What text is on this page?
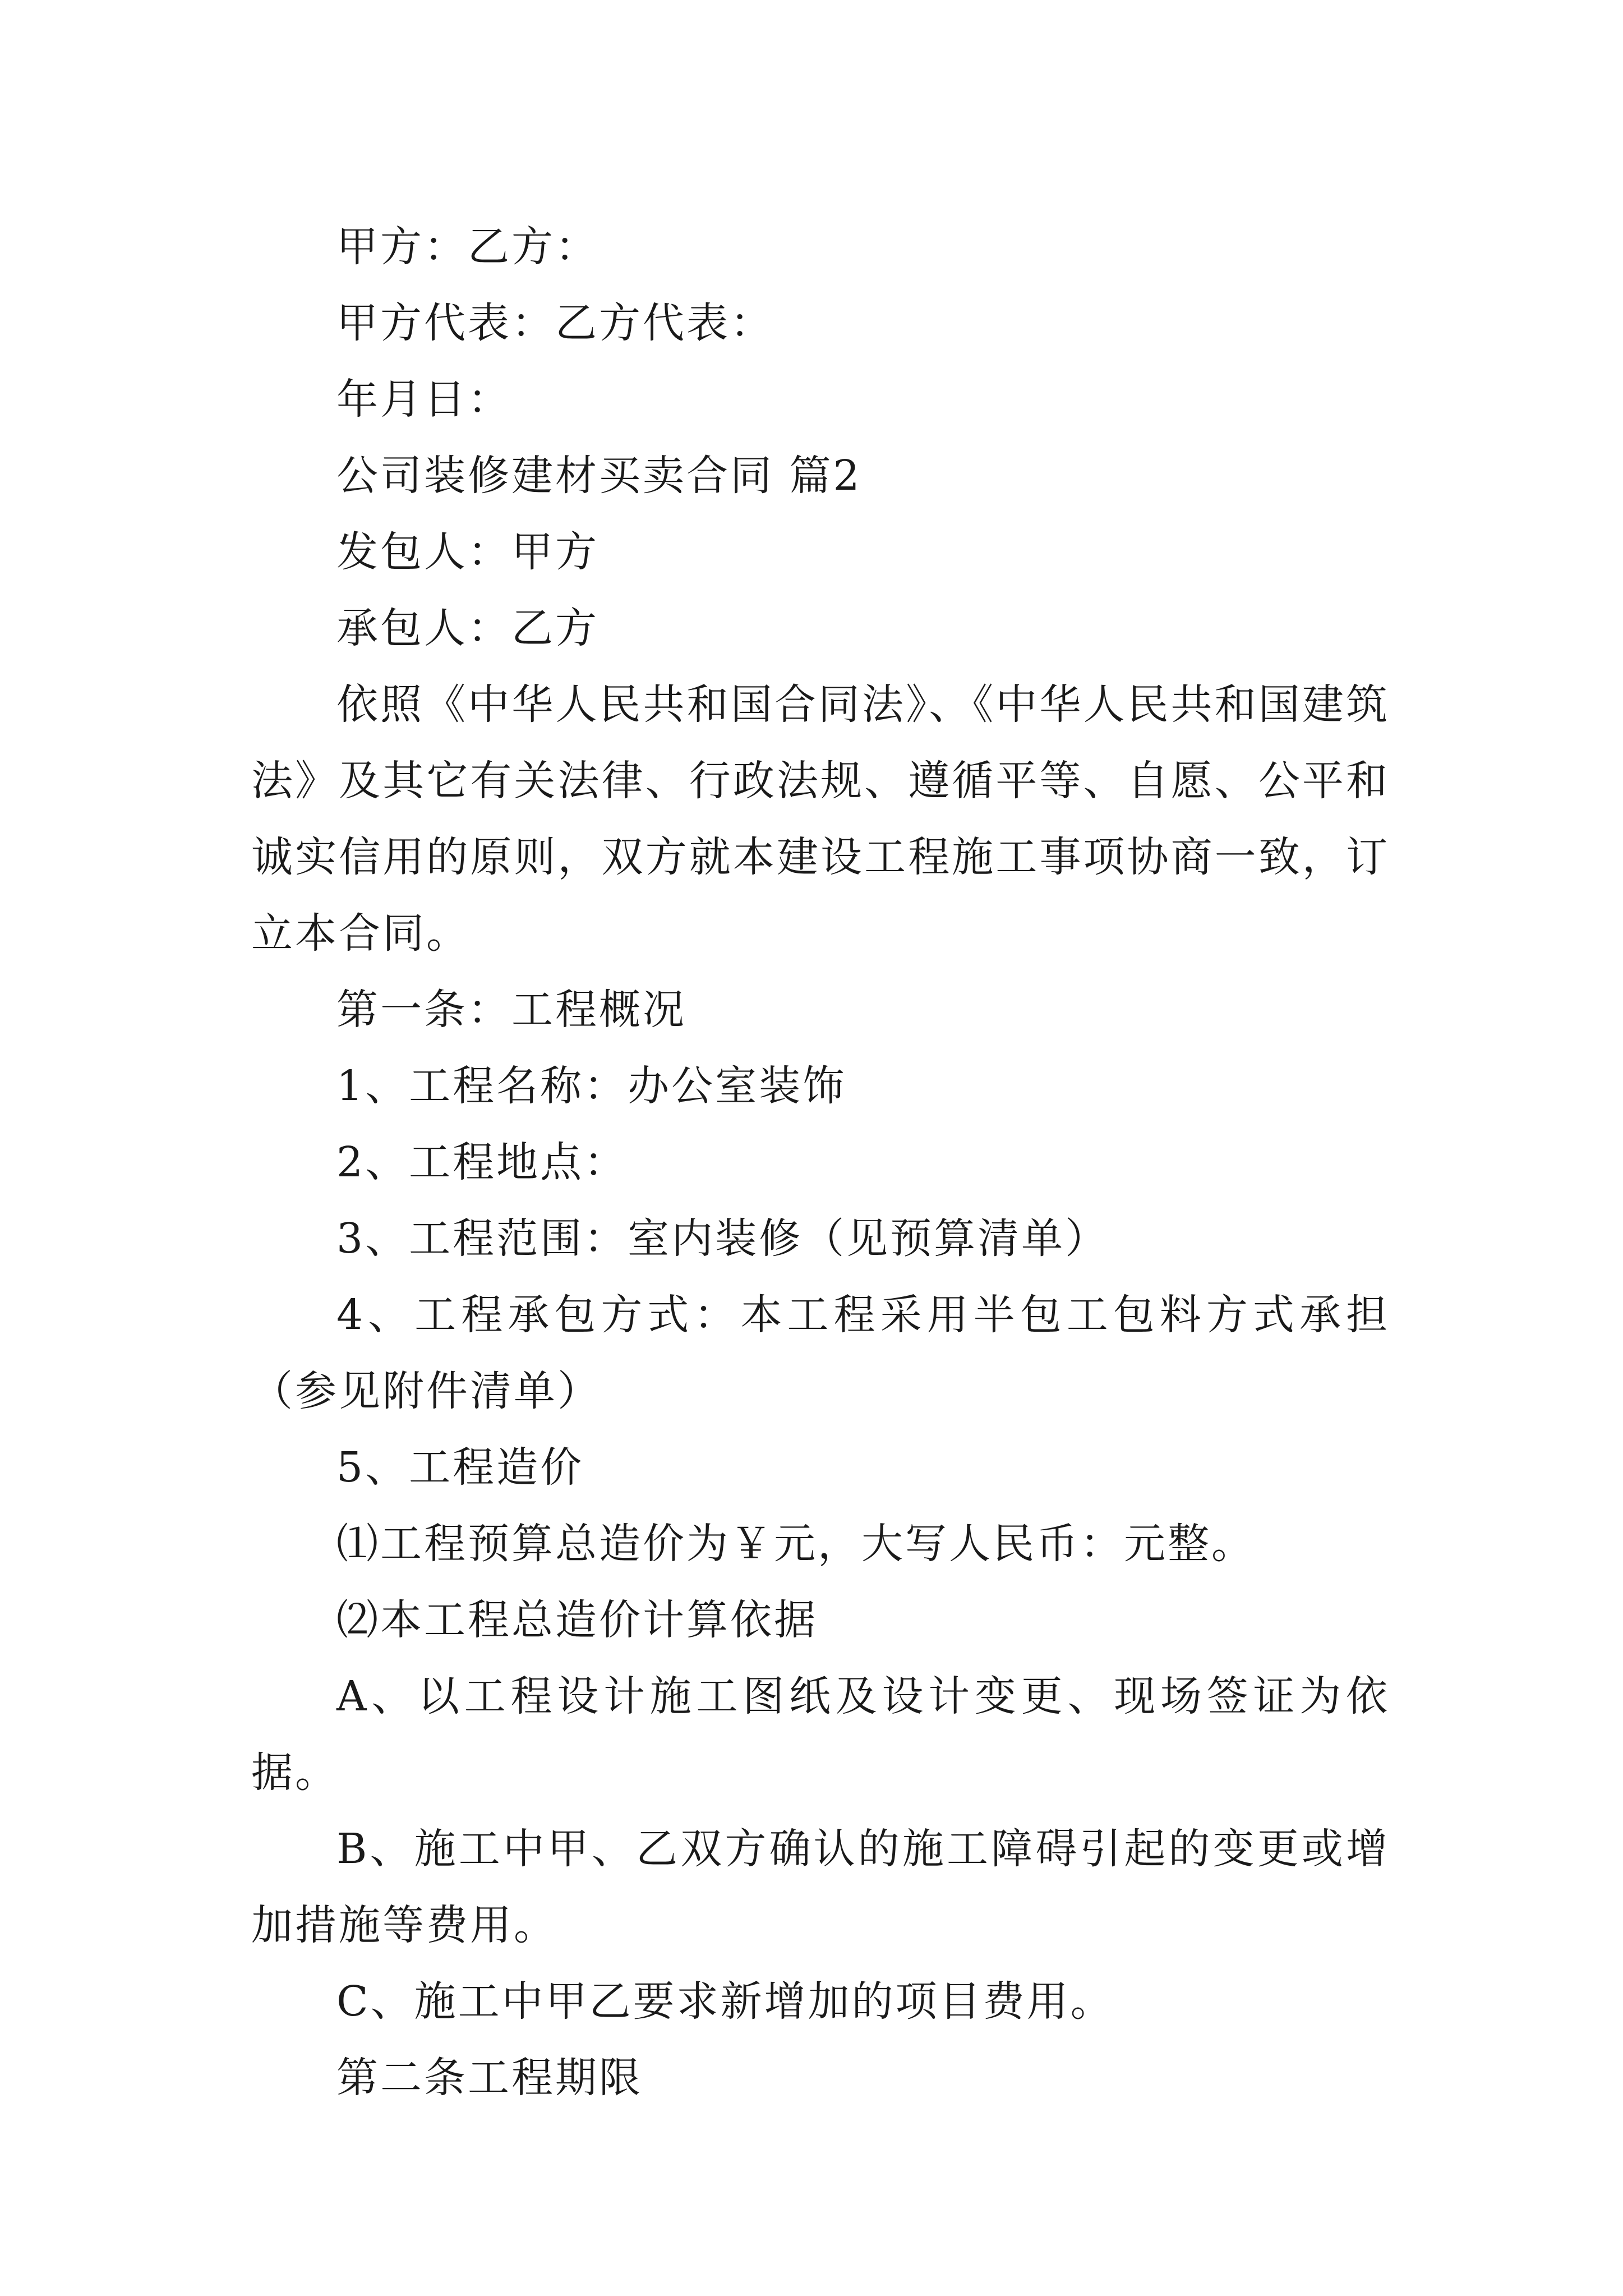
甲方：乙方：

甲方代表：乙方代表：

年月日：

公司装修建材买卖合同 篇2

发包人：甲方

承包人：乙方

依照《中华人民共和国合同法》、《中华人民共和国建筑法》及其它有关法律、行政法规、遵循平等、自愿、公平和诚实信用的原则，双方就本建设工程施工事项协商一致，订立本合同。

第一条：工程概况

1、工程名称：办公室装饰

2、工程地点：

3、工程范围：室内装修（见预算清单）

4、工程承包方式：本工程采用半包工包料方式承担（参见附件清单）

5、工程造价

⑴工程预算总造价为￥元，大写人民币：元整。

⑵本工程总造价计算依据

A、以工程设计施工图纸及设计变更、现场签证为依据。

B、施工中甲、乙双方确认的施工障碍引起的变更或增加措施等费用。

C、施工中甲乙要求新增加的项目费用。

第二条工程期限
